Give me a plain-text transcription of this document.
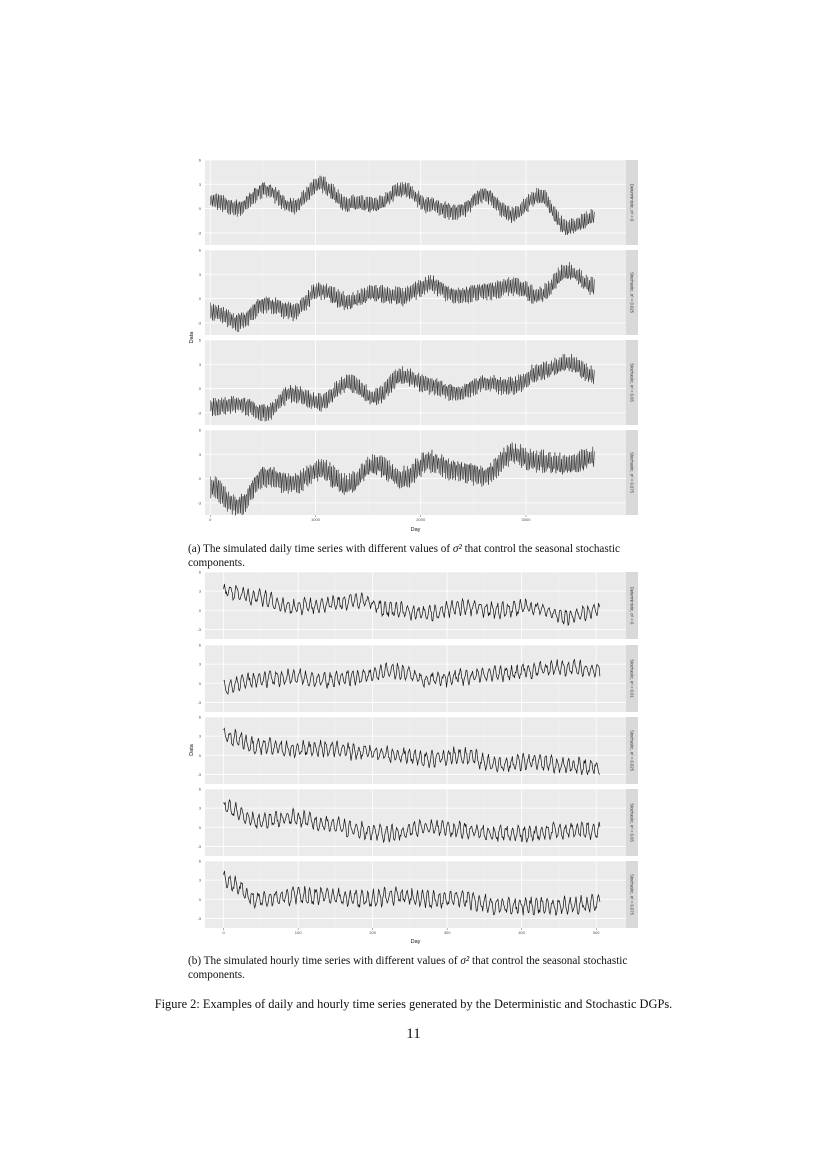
-3
0
3
6
Deterministic, σ² = 0
-3
0
3
6
Stochastic, σ² = 0.025
-3
0
3
6
Stochastic, σ² = 0.05
-3
0
3
6
Stochastic, σ² = 0.075
0	1000	2000	3000
Day
Data
-3
0
3
6
Deterministic, σ² = 0
-3
0
3
6
Stochastic, σ² = 0.01
-3
0
3
6
Stochastic, σ² = 0.025
-3
0
3
6
Stochastic, σ² = 0.05
-3
0
3
6
Stochastic, σ² = 0.075
0	100	200	300	400	500
Day
Data
(a) The simulated daily time series with different values of σ² that control the seasonal stochastic components.
(b) The simulated hourly time series with different values of σ² that control the seasonal stochastic components.
Figure 2: Examples of daily and hourly time series generated by the Deterministic and Stochastic DGPs.
11
